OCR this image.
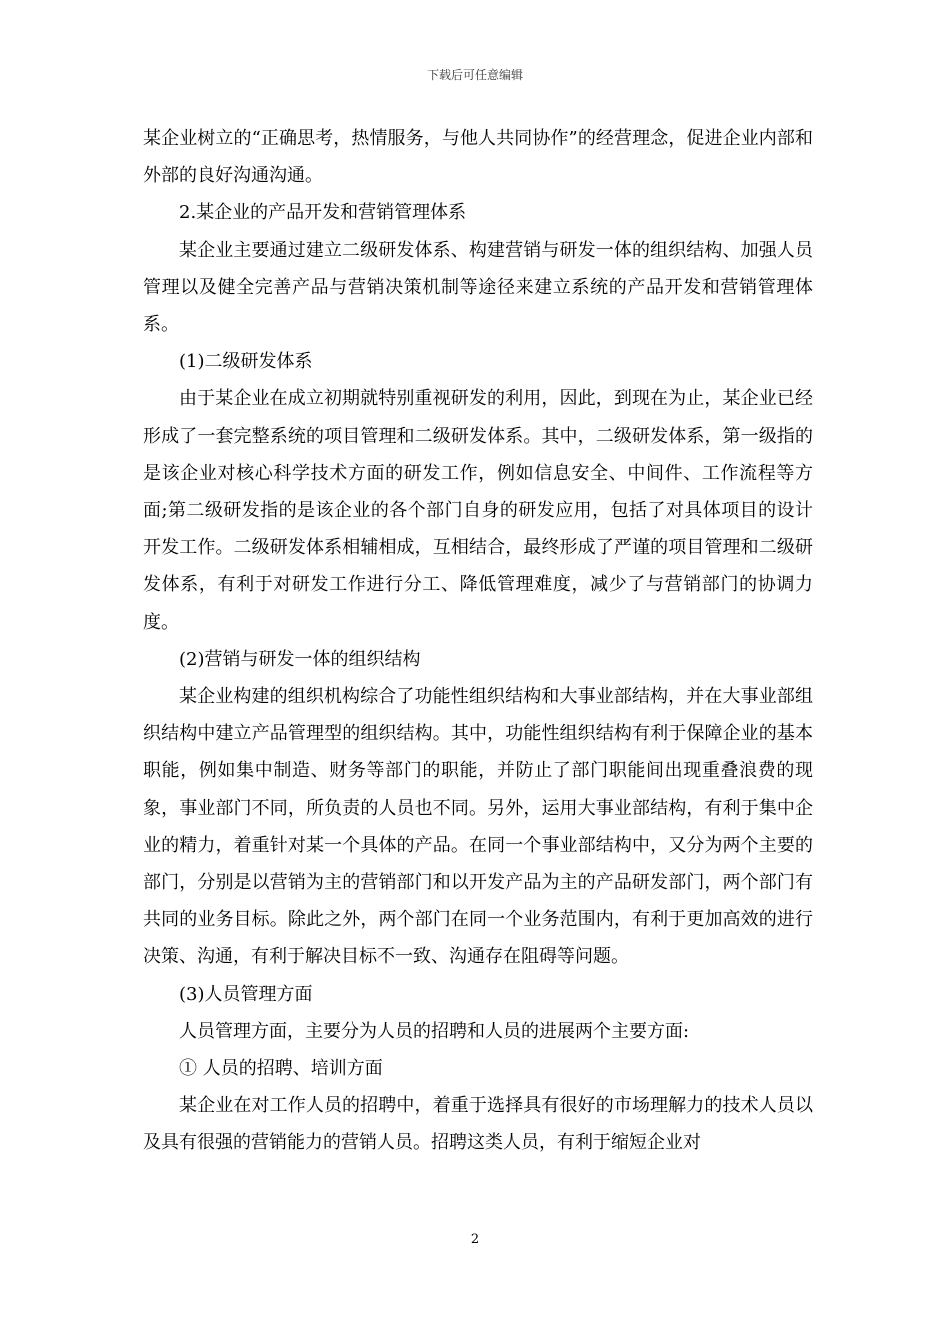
下载后可任意编辑

某企业树立的“正确思考，热情服务，与他人共同协作”的经营理念，促进企业内部和外部的良好沟通沟通。

2.某企业的产品开发和营销管理体系

某企业主要通过建立二级研发体系、构建营销与研发一体的组织结构、加强人员管理以及健全完善产品与营销决策机制等途径来建立系统的产品开发和营销管理体系。

(1)二级研发体系

由于某企业在成立初期就特别重视研发的利用，因此，到现在为止，某企业已经形成了一套完整系统的项目管理和二级研发体系。其中，二级研发体系，第一级指的是该企业对核心科学技术方面的研发工作，例如信息安全、中间件、工作流程等方面;第二级研发指的是该企业的各个部门自身的研发应用，包括了对具体项目的设计开发工作。二级研发体系相辅相成，互相结合，最终形成了严谨的项目管理和二级研发体系，有利于对研发工作进行分工、降低管理难度，减少了与营销部门的协调力度。

(2)营销与研发一体的组织结构

某企业构建的组织机构综合了功能性组织结构和大事业部结构，并在大事业部组织结构中建立产品管理型的组织结构。其中，功能性组织结构有利于保障企业的基本职能，例如集中制造、财务等部门的职能，并防止了部门职能间出现重叠浪费的现象，事业部门不同，所负责的人员也不同。另外，运用大事业部结构，有利于集中企业的精力，着重针对某一个具体的产品。在同一个事业部结构中，又分为两个主要的部门，分别是以营销为主的营销部门和以开发产品为主的产品研发部门，两个部门有共同的业务目标。除此之外，两个部门在同一个业务范围内，有利于更加高效的进行决策、沟通，有利于解决目标不一致、沟通存在阻碍等问题。

(3)人员管理方面

人员管理方面，主要分为人员的招聘和人员的进展两个主要方面:

① 人员的招聘、培训方面

某企业在对工作人员的招聘中，着重于选择具有很好的市场理解力的技术人员以及具有很强的营销能力的营销人员。招聘这类人员，有利于缩短企业对

2
